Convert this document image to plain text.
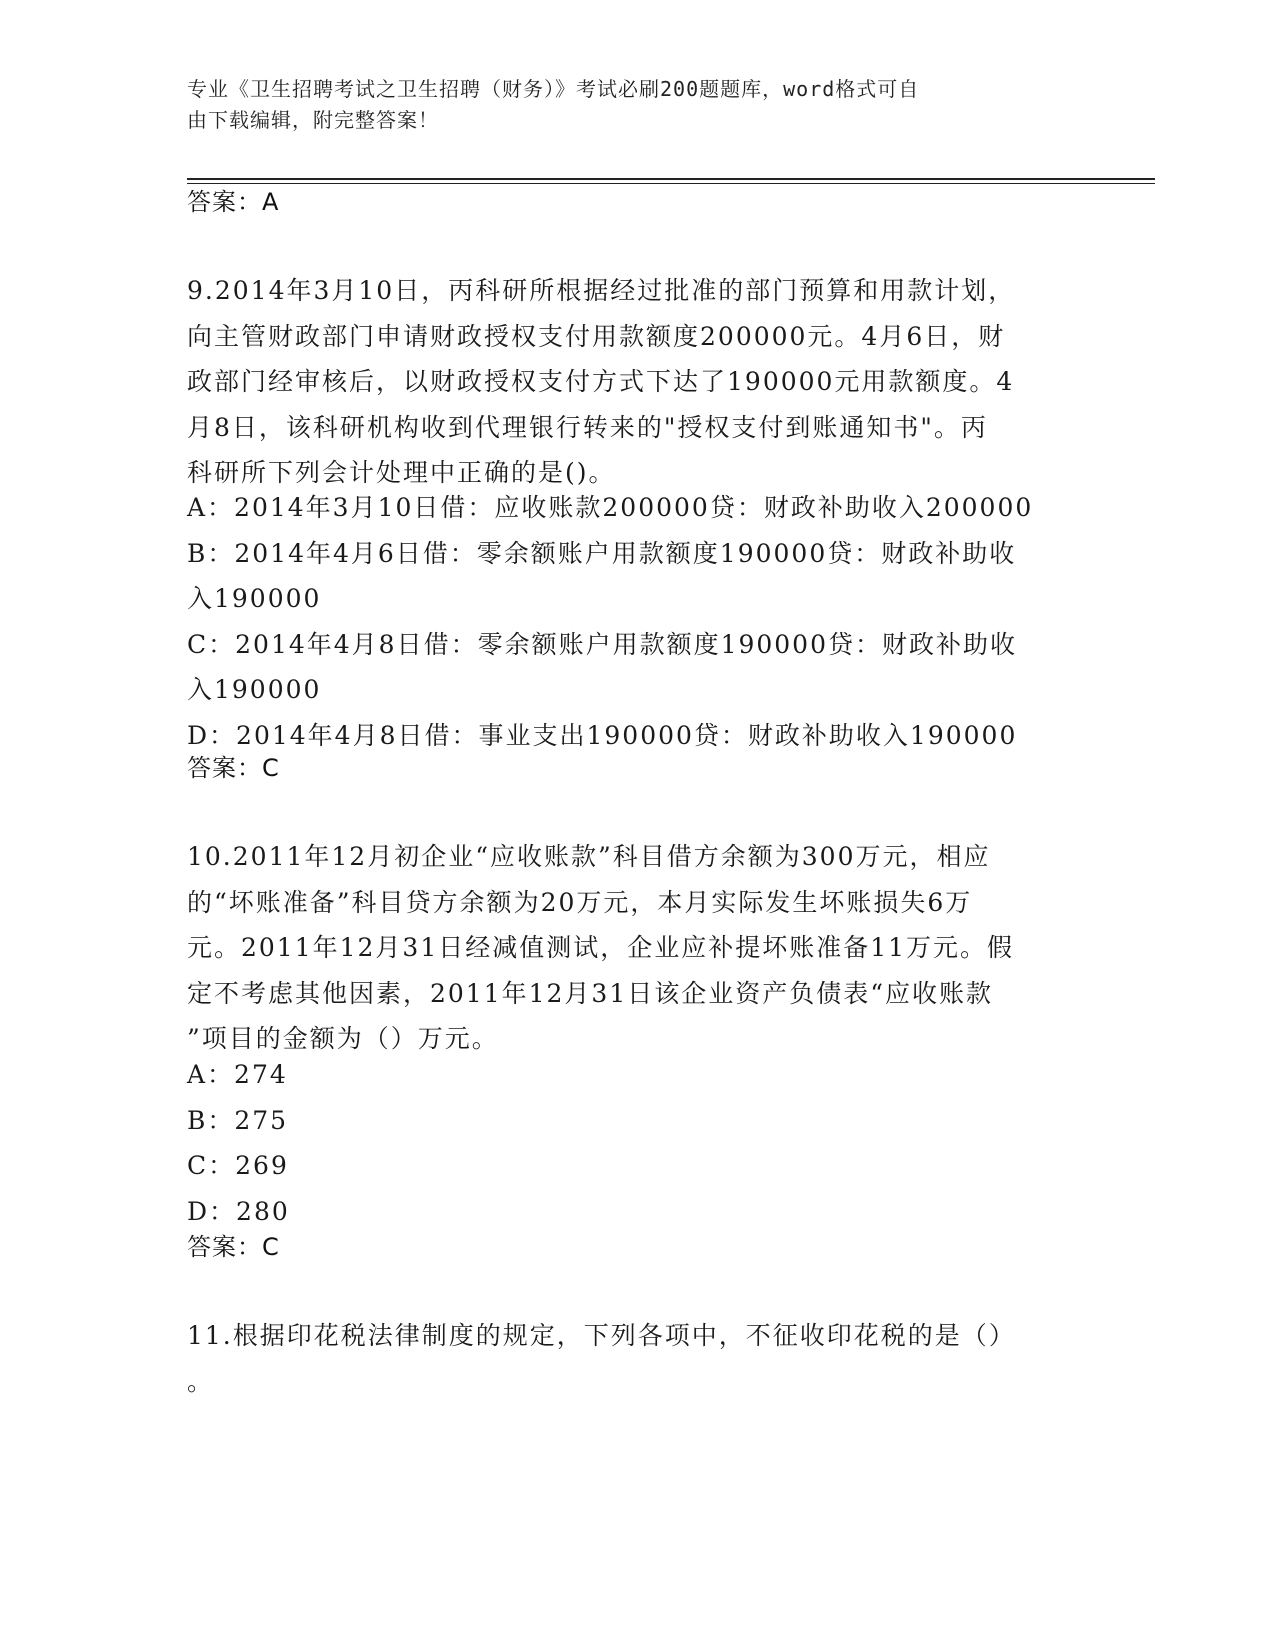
专业《卫生招聘考试之卫生招聘（财务）》考试必刷200题题库，word格式可自
由下载编辑，附完整答案！
答案：A
9.2014年3月10日，丙科研所根据经过批准的部门预算和用款计划，
向主管财政部门申请财政授权支付用款额度200000元。4月6日，财
政部门经审核后，以财政授权支付方式下达了190000元用款额度。4
月8日，该科研机构收到代理银行转来的"授权支付到账通知书"。丙
科研所下列会计处理中正确的是()。
A：2014年3月10日借：应收账款200000贷：财政补助收入200000
B：2014年4月6日借：零余额账户用款额度190000贷：财政补助收
入190000
C：2014年4月8日借：零余额账户用款额度190000贷：财政补助收
入190000
D：2014年4月8日借：事业支出190000贷：财政补助收入190000
答案：C
10.2011年12月初企业“应收账款”科目借方余额为300万元，相应
的“坏账准备”科目贷方余额为20万元，本月实际发生坏账损失6万
元。2011年12月31日经减值测试，企业应补提坏账准备11万元。假
定不考虑其他因素，2011年12月31日该企业资产负债表“应收账款
”项目的金额为（）万元。
A：274
B：275
C：269
D：280
答案：C
11.根据印花税法律制度的规定，下列各项中，不征收印花税的是（）
。
